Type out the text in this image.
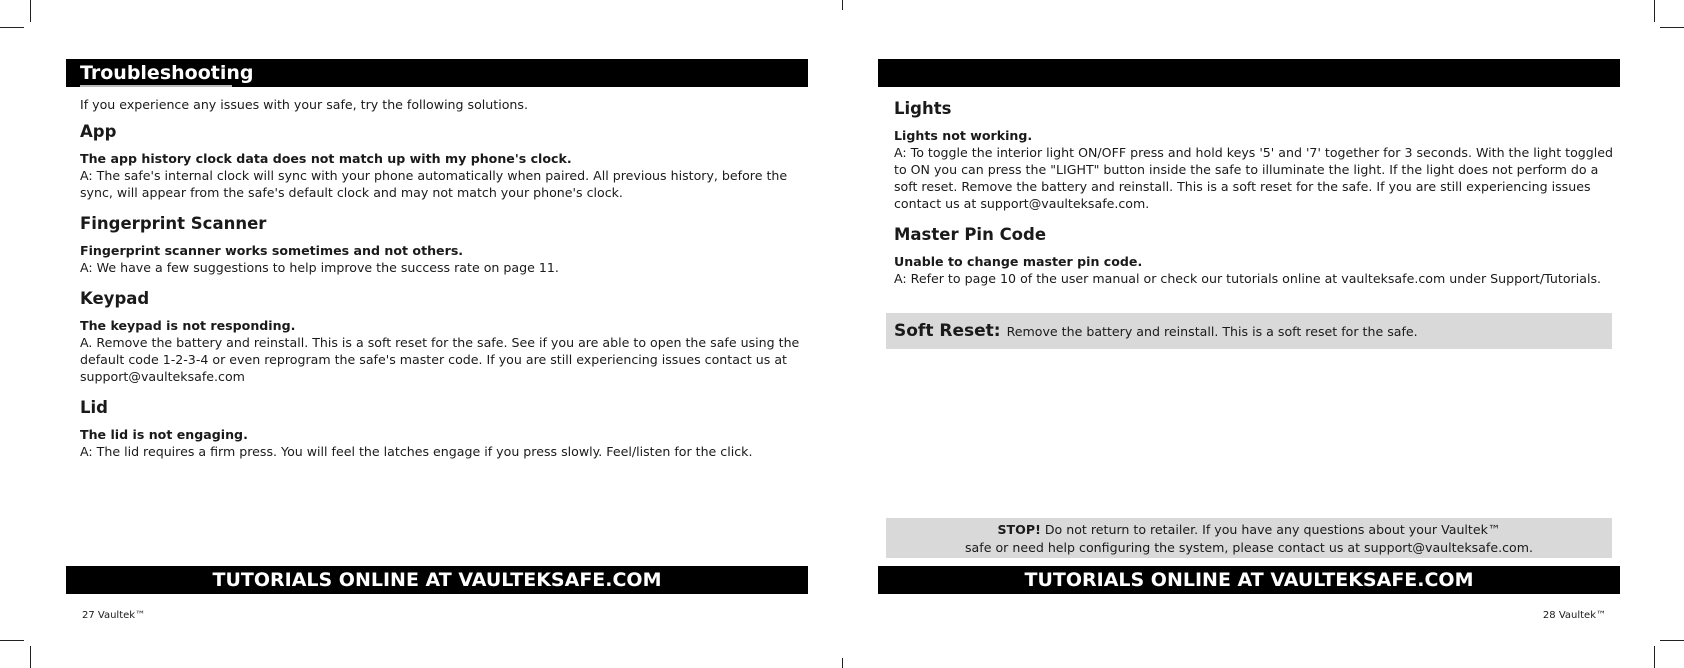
Troubleshooting

If you experience any issues with your safe, try the following solutions.

App

The app history clock data does not match up with my phone's clock.

A: The safe's internal clock will sync with your phone automatically when paired. All previous history, before the sync, will appear from the safe's default clock and may not match your phone's clock.

Fingerprint Scanner

Fingerprint scanner works sometimes and not others.

A: We have a few suggestions to help improve the success rate on page 11.

Keypad

The keypad is not responding.

A. Remove the battery and reinstall. This is a soft reset for the safe. See if you are able to open the safe using the default code 1-2-3-4 or even reprogram the safe's master code. If you are still experiencing issues contact us at support@vaulteksafe.com

Lid

The lid is not engaging.

A: The lid requires a firm press. You will feel the latches engage if you press slowly. Feel/listen for the click.

TUTORIALS ONLINE AT VAULTEKSAFE.COM
27 Vaultek™
Lights

Lights not working.

A: To toggle the interior light ON/OFF press and hold keys '5' and '7' together for 3 seconds. With the light toggled to ON you can press the "LIGHT" button inside the safe to illuminate the light. If the light does not perform do a soft reset. Remove the battery and reinstall. This is a soft reset for the safe. If you are still experiencing issues contact us at support@vaulteksafe.com.

Master Pin Code

Unable to change master pin code.

A: Refer to page 10 of the user manual or check our tutorials online at vaulteksafe.com under Support/Tutorials.

Soft Reset: Remove the battery and reinstall. This is a soft reset for the safe.
STOP! Do not return to retailer. If you have any questions about your Vaultek™
safe or need help configuring the system, please contact us at support@vaulteksafe.com.
TUTORIALS ONLINE AT VAULTEKSAFE.COM
28 Vaultek™
